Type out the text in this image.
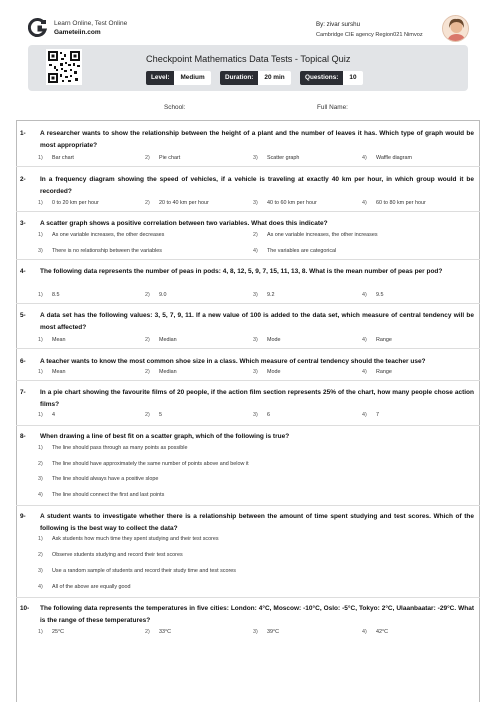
Learn Online, Test Online
Gameteiin.com
By: zivar surshu
Cambridge CIE agency Region021 Nimvoz
Checkpoint Mathematics Data Tests - Topical Quiz
Level:	Medium	Duration:	20 min	Questions:	10
School:	Full Name:
1- A researcher wants to show the relationship between the height of a plant and the number of leaves it has. Which type of graph would be most appropriate?
1) Bar chart	2) Pie chart	3) Scatter graph	4) Waffle diagram
2- In a frequency diagram showing the speed of vehicles, if a vehicle is traveling at exactly 40 km per hour, in which group would it be recorded?
1) 0 to 20 km per hour	2) 20 to 40 km per hour	3) 40 to 60 km per hour	4) 60 to 80 km per hour
3- A scatter graph shows a positive correlation between two variables. What does this indicate?
1) As one variable increases, the other decreases	2) As one variable increases, the other increases
3) There is no relationship between the variables	4) The variables are categorical
4- The following data represents the number of peas in pods: 4, 8, 12, 5, 9, 7, 15, 11, 13, 8. What is the mean number of peas per pod?
1) 8.5	2) 9.0	3) 9.2	4) 9.5
5- A data set has the following values: 3, 5, 7, 9, 11. If a new value of 100 is added to the data set, which measure of central tendency will be most affected?
1) Mean	2) Median	3) Mode	4) Range
6- A teacher wants to know the most common shoe size in a class. Which measure of central tendency should the teacher use?
1) Mean	2) Median	3) Mode	4) Range
7- In a pie chart showing the favourite films of 20 people, if the action film section represents 25% of the chart, how many people chose action films?
1) 4	2) 5	3) 6	4) 7
8- When drawing a line of best fit on a scatter graph, which of the following is true?
1) The line should pass through as many points as possible
2) The line should have approximately the same number of points above and below it
3) The line should always have a positive slope
4) The line should connect the first and last points
9- A student wants to investigate whether there is a relationship between the amount of time spent studying and test scores. Which of the following is the best way to collect the data?
1) Ask students how much time they spent studying and their test scores
2) Observe students studying and record their test scores
3) Use a random sample of students and record their study time and test scores
4) All of the above are equally good
10- The following data represents the temperatures in five cities: London: 4°C, Moscow: -10°C, Oslo: -5°C, Tokyo: 2°C, Ulaanbaatar: -29°C. What is the range of these temperatures?
1) 25°C	2) 33°C	3) 39°C	4) 42°C
